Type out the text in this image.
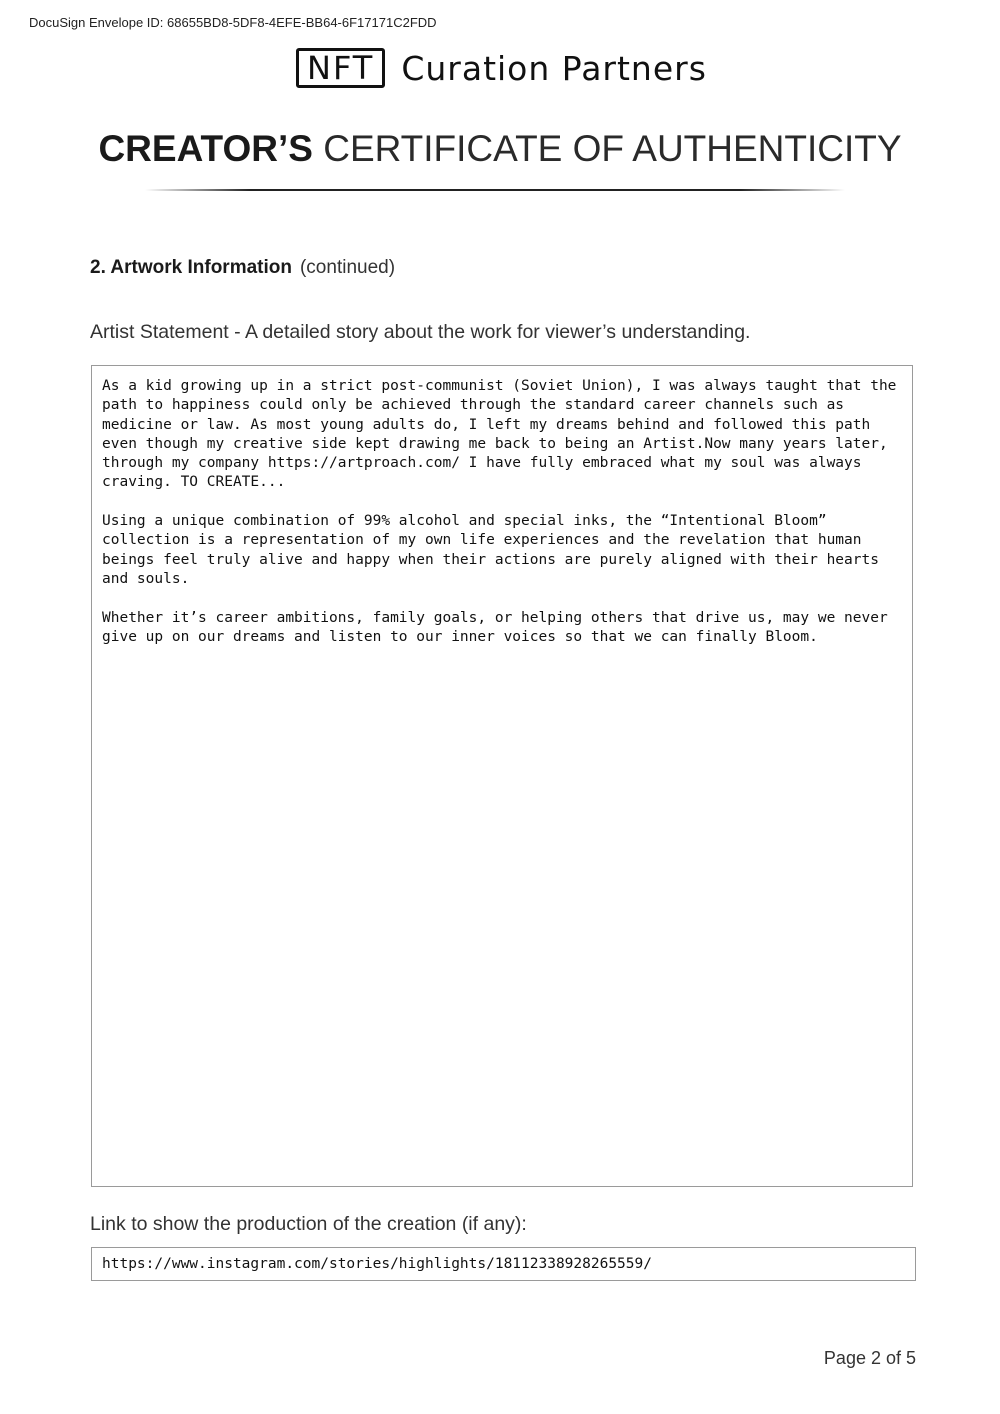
DocuSign Envelope ID: 68655BD8-5DF8-4EFE-BB64-6F17171C2FDD
NFT Curation Partners
CREATOR’S CERTIFICATE OF AUTHENTICITY
2. Artwork Information (continued)
Artist Statement - A detailed story about the work for viewer’s understanding.

As a kid growing up in a strict post-communist (Soviet Union), I was always taught that the path to happiness could only be achieved through the standard career channels such as medicine or law. As most young adults do, I left my dreams behind and followed this path even though my creative side kept drawing me back to being an Artist.Now many years later, through my company https://artproach.com/ I have fully embraced what my soul was always craving. TO CREATE...

Using a unique combination of 99% alcohol and special inks, the “Intentional Bloom” collection is a representation of my own life experiences and the revelation that human beings feel truly alive and happy when their actions are purely aligned with their hearts and souls.

Whether it’s career ambitions, family goals, or helping others that drive us, may we never give up on our dreams and listen to our inner voices so that we can finally Bloom.

Link to show the production of the creation (if any):
https://www.instagram.com/stories/highlights/18112338928265559/
Page 2 of 5
